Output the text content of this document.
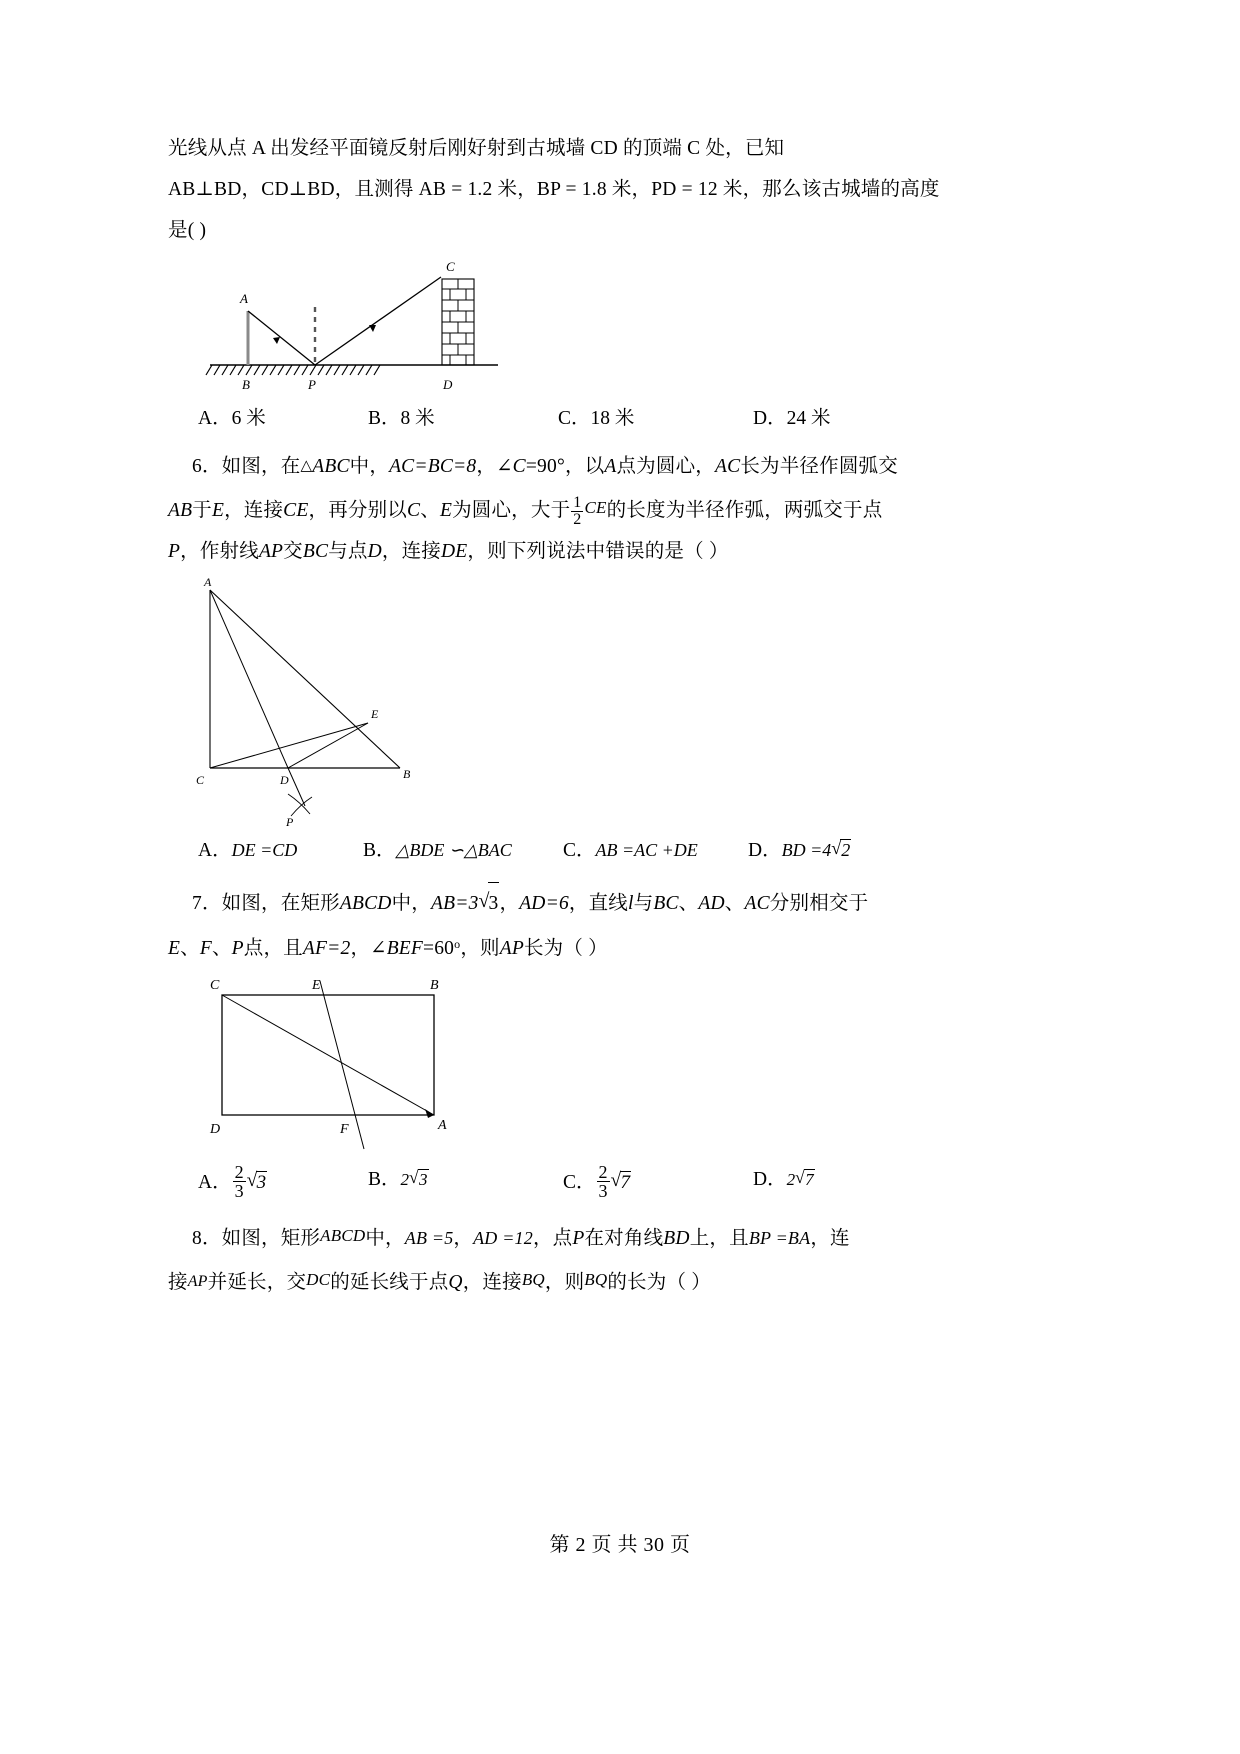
光线从点 A 出发经平面镜反射后刚好射到古城墙 CD 的顶端 C 处，已知
AB⊥BD，CD⊥BD，且测得 AB = 1.2 米，BP = 1.8 米，PD = 12 米，那么该古城墙的高度
是( )
A
B	P
C
D
A．6 米	B．8 米	C．18 米	D．24 米
6．如图，在△ABC中，AC=BC=8，∠C=90°，以A点为圆心，AC长为半径作圆弧交
AB于E，连接CE，再分别以C、E为圆心，大于 $\frac{1}{2}$ CE的长度为半径作弧，两弧交于点
P，作射线AP交BC与点D，连接DE，则下列说法中错误的是（ ）
A
C	B
D
E
P
A．DE =CD	B．△BDE ∽△BAC	C．AB =AC +DE	D．BD =4 √ 2
7．如图，在矩形ABCD中，AB=3 √ 3，AD=6，直线l与BC、AD、AC分别相交于
E、F、P点，且AF=2，$\angle BEF=60^o$，则AP长为（ ）
C	B
D	A
E
F
A． $\frac{2}{3}$ √ 3	B．2 √ 3	C． $\frac{2}{3}$ √ 7	D．2 √ 7
8．如图，矩形ABCD中，AB =5，AD =12，点P在对角线BD上，且BP =BA，连
接AP并延长，交DC的延长线于点Q，连接BQ，则BQ的长为（ ）
第 2 页 共 30 页
